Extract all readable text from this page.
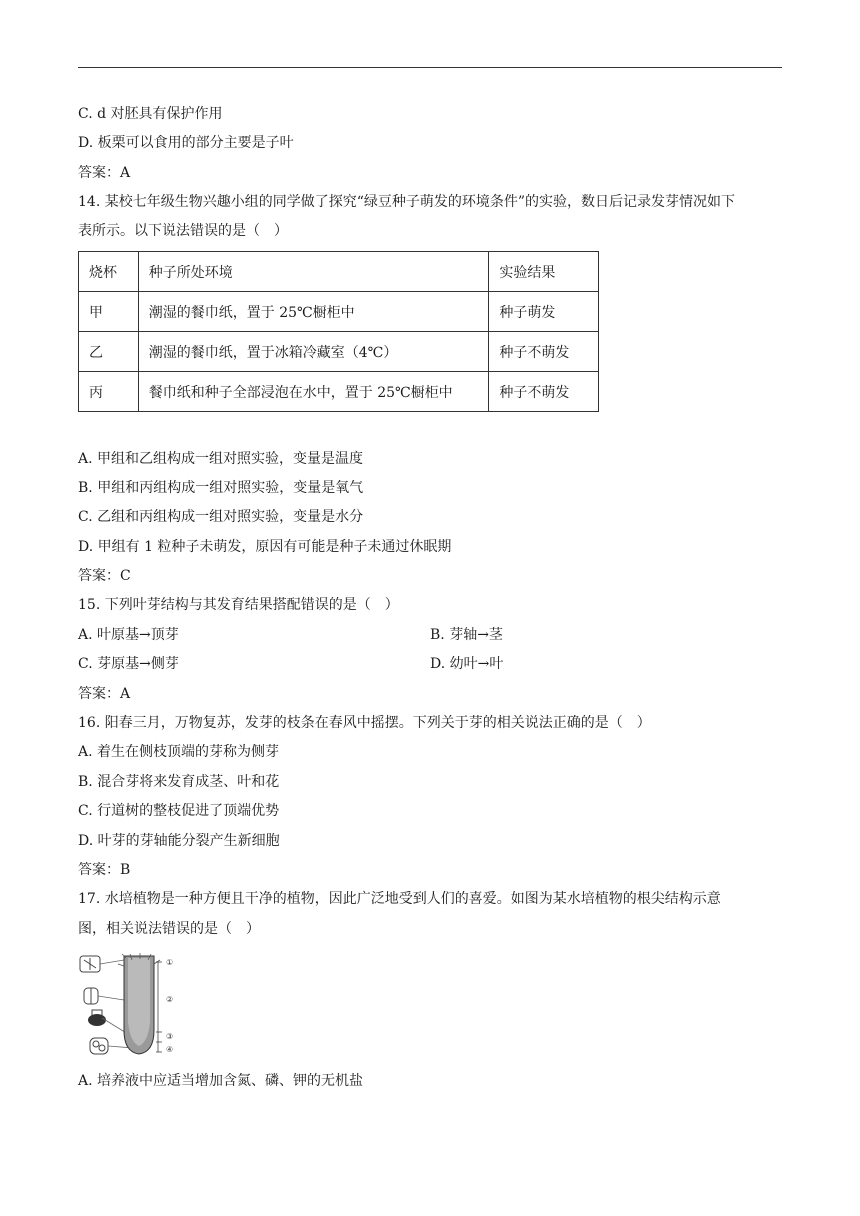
C. d 对胚具有保护作用
D. 板栗可以食用的部分主要是子叶
答案：A
14. 某校七年级生物兴趣小组的同学做了探究“绿豆种子萌发的环境条件”的实验，数日后记录发芽情况如下
表所示。以下说法错误的是（　）
烧杯	种子所处环境	实验结果
甲	潮湿的餐巾纸，置于 25℃橱柜中	种子萌发
乙	潮湿的餐巾纸，置于冰箱冷藏室（4℃）	种子不萌发
丙	餐巾纸和种子全部浸泡在水中，置于 25℃橱柜中	种子不萌发
A. 甲组和乙组构成一组对照实验，变量是温度
B. 甲组和丙组构成一组对照实验，变量是氧气
C. 乙组和丙组构成一组对照实验，变量是水分
D. 甲组有 1 粒种子未萌发，原因有可能是种子未通过休眠期
答案：C
15. 下列叶芽结构与其发育结果搭配错误的是（　）
A. 叶原基→顶芽	B. 芽轴→茎
C. 芽原基→侧芽	D. 幼叶→叶
答案：A
16. 阳春三月，万物复苏，发芽的枝条在春风中摇摆。下列关于芽的相关说法正确的是（　）
A. 着生在侧枝顶端的芽称为侧芽
B. 混合芽将来发育成茎、叶和花
C. 行道树的整枝促进了顶端优势
D. 叶芽的芽轴能分裂产生新细胞
答案：B
17. 水培植物是一种方便且干净的植物，因此广泛地受到人们的喜爱。如图为某水培植物的根尖结构示意
图，相关说法错误的是（　）
①
②
③
④
A. 培养液中应适当增加含氮、磷、钾的无机盐
